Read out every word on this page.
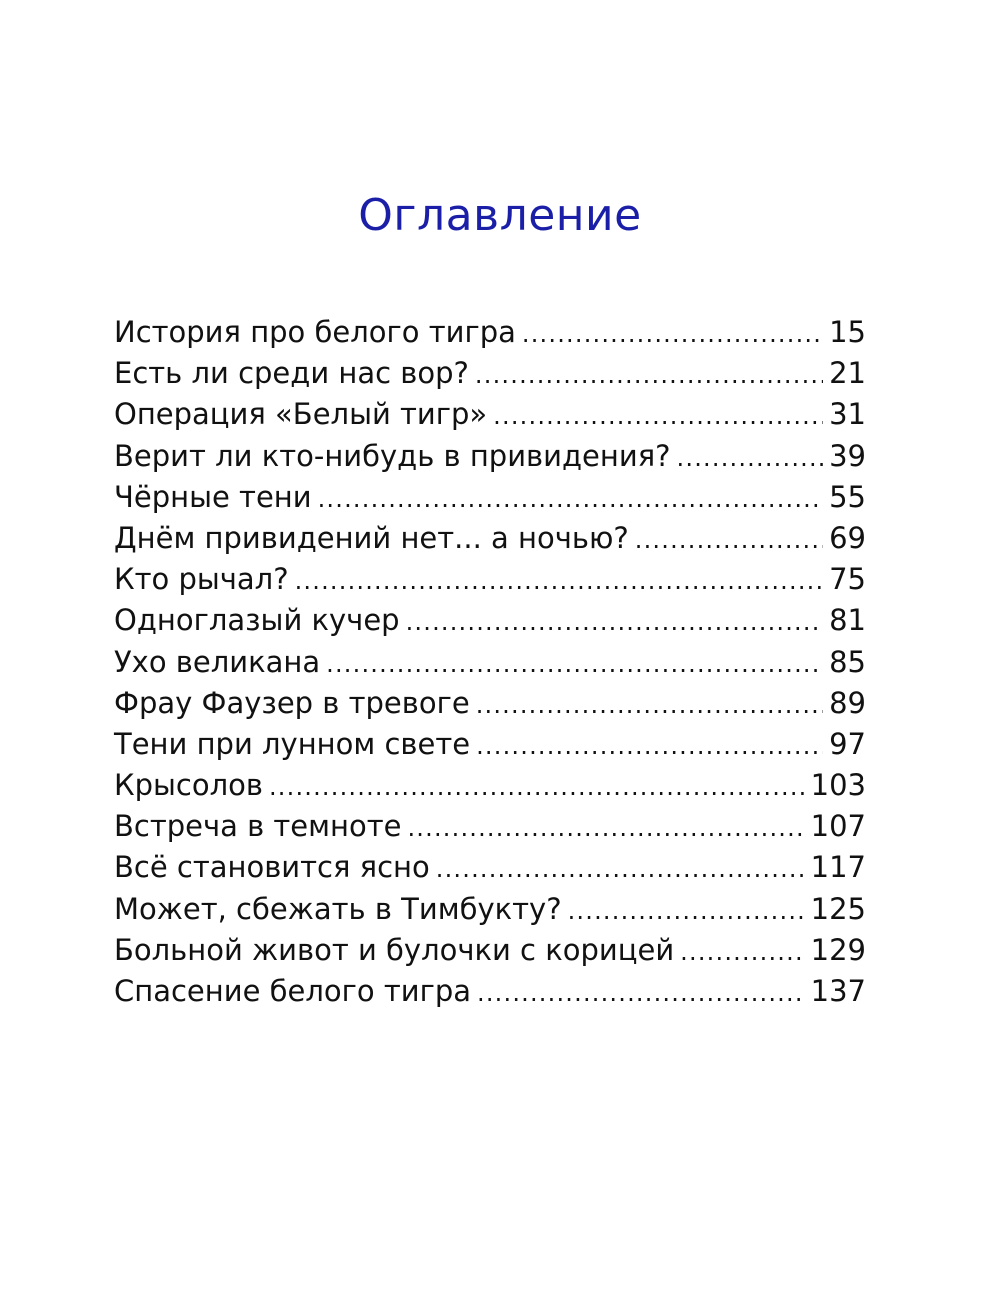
Оглавление
История про белого тигра .....	15
Есть ли среди нас вор? .....	21
Операция «Белый тигр» .....	31
Верит ли кто-нибудь в привидения? .....	39
Чёрные тени .....	55
Днём привидений нет... а ночью? .....	69
Кто рычал? .....	75
Одноглазый кучер .....	81
Ухо великана .....	85
Фрау Фаузер в тревоге .....	89
Тени при лунном свете .....	97
Крысолов .....	103
Встреча в темноте .....	107
Всё становится ясно .....	117
Может, сбежать в Тимбукту? .....	125
Больной живот и булочки с корицей .....	129
Спасение белого тигра .....	137
